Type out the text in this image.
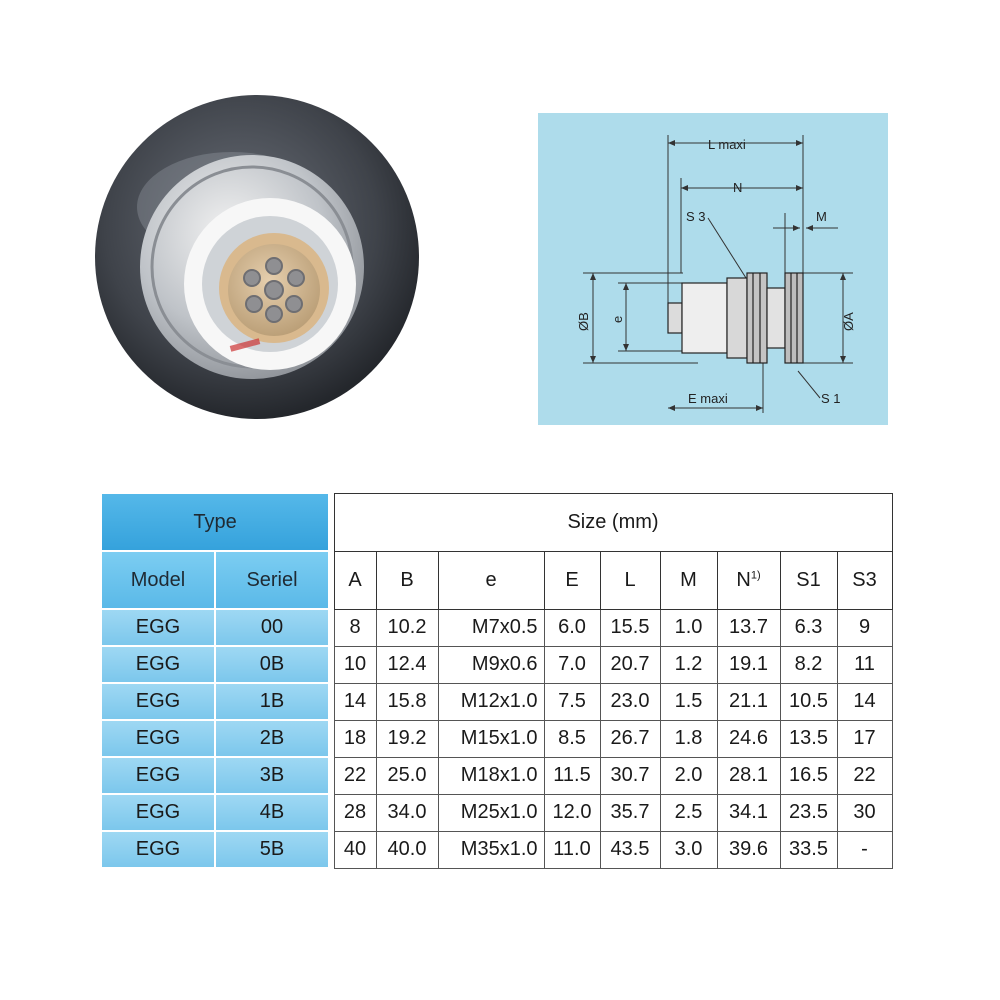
L maxi
N
M
S 3
S 1
E maxi
ØB e	ØA
Type			Size (mm)								
Model	Seriel		A	B	e	E	L	M	$N^{1)}$	S1	S3
EGG	00		8	10.2	M7x0.5	6.0	15.5	1.0	13.7	6.3	9
EGG	0B		10	12.4	M9x0.6	7.0	20.7	1.2	19.1	8.2	11
EGG	1B		14	15.8	M12x1.0	7.5	23.0	1.5	21.1	10.5	14
EGG	2B		18	19.2	M15x1.0	8.5	26.7	1.8	24.6	13.5	17
EGG	3B		22	25.0	M18x1.0	11.5	30.7	2.0	28.1	16.5	22
EGG	4B		28	34.0	M25x1.0	12.0	35.7	2.5	34.1	23.5	30
EGG	5B		40	40.0	M35x1.0	11.0	43.5	3.0	39.6	33.5	-
